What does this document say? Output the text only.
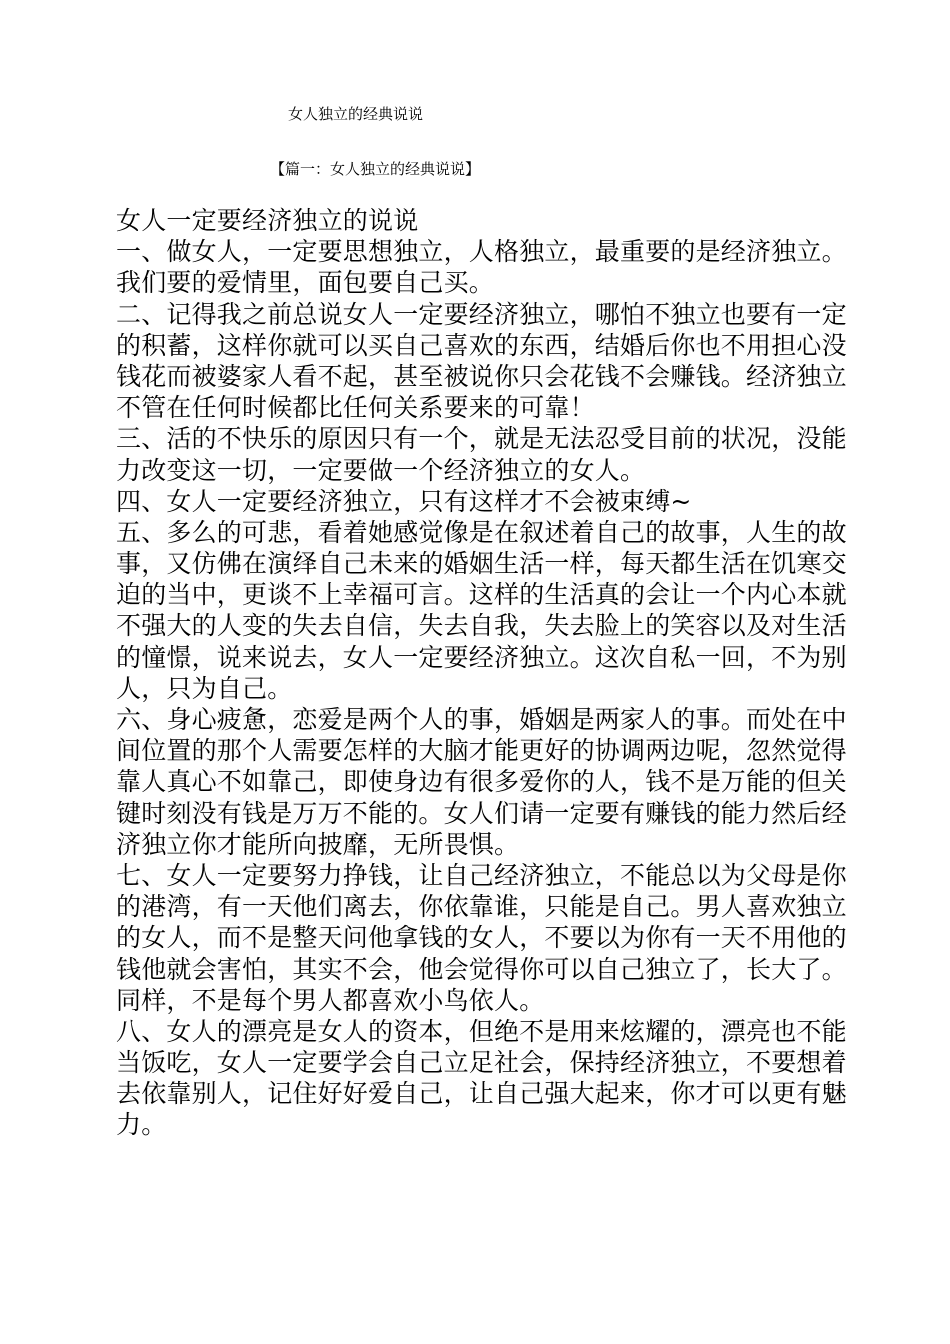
女人独立的经典说说
【篇一：女人独立的经典说说】
女人一定要经济独立的说说
一、做女人，一定要思想独立，人格独立，最重要的是经济独立。
我们要的爱情里，面包要自己买。
二、记得我之前总说女人一定要经济独立，哪怕不独立也要有一定
的积蓄，这样你就可以买自己喜欢的东西，结婚后你也不用担心没
钱花而被婆家人看不起，甚至被说你只会花钱不会赚钱。经济独立
不管在任何时候都比任何关系要来的可靠！
三、活的不快乐的原因只有一个，就是无法忍受目前的状况，没能
力改变这一切，一定要做一个经济独立的女人。
四、女人一定要经济独立，只有这样才不会被束缚~
五、多么的可悲，看着她感觉像是在叙述着自己的故事，人生的故
事，又仿佛在演绎自己未来的婚姻生活一样，每天都生活在饥寒交
迫的当中，更谈不上幸福可言。这样的生活真的会让一个内心本就
不强大的人变的失去自信，失去自我，失去脸上的笑容以及对生活
的憧憬，说来说去，女人一定要经济独立。这次自私一回，不为别
人，只为自己。
六、身心疲惫，恋爱是两个人的事，婚姻是两家人的事。而处在中
间位置的那个人需要怎样的大脑才能更好的协调两边呢，忽然觉得
靠人真心不如靠己，即使身边有很多爱你的人，钱不是万能的但关
键时刻没有钱是万万不能的。女人们请一定要有赚钱的能力然后经
济独立你才能所向披靡，无所畏惧。
七、女人一定要努力挣钱，让自己经济独立，不能总以为父母是你
的港湾，有一天他们离去，你依靠谁，只能是自己。男人喜欢独立
的女人，而不是整天问他拿钱的女人，不要以为你有一天不用他的
钱他就会害怕，其实不会，他会觉得你可以自己独立了，长大了。
同样，不是每个男人都喜欢小鸟依人。
八、女人的漂亮是女人的资本，但绝不是用来炫耀的，漂亮也不能
当饭吃，女人一定要学会自己立足社会，保持经济独立，不要想着
去依靠别人，记住好好爱自己，让自己强大起来，你才可以更有魅
力。
